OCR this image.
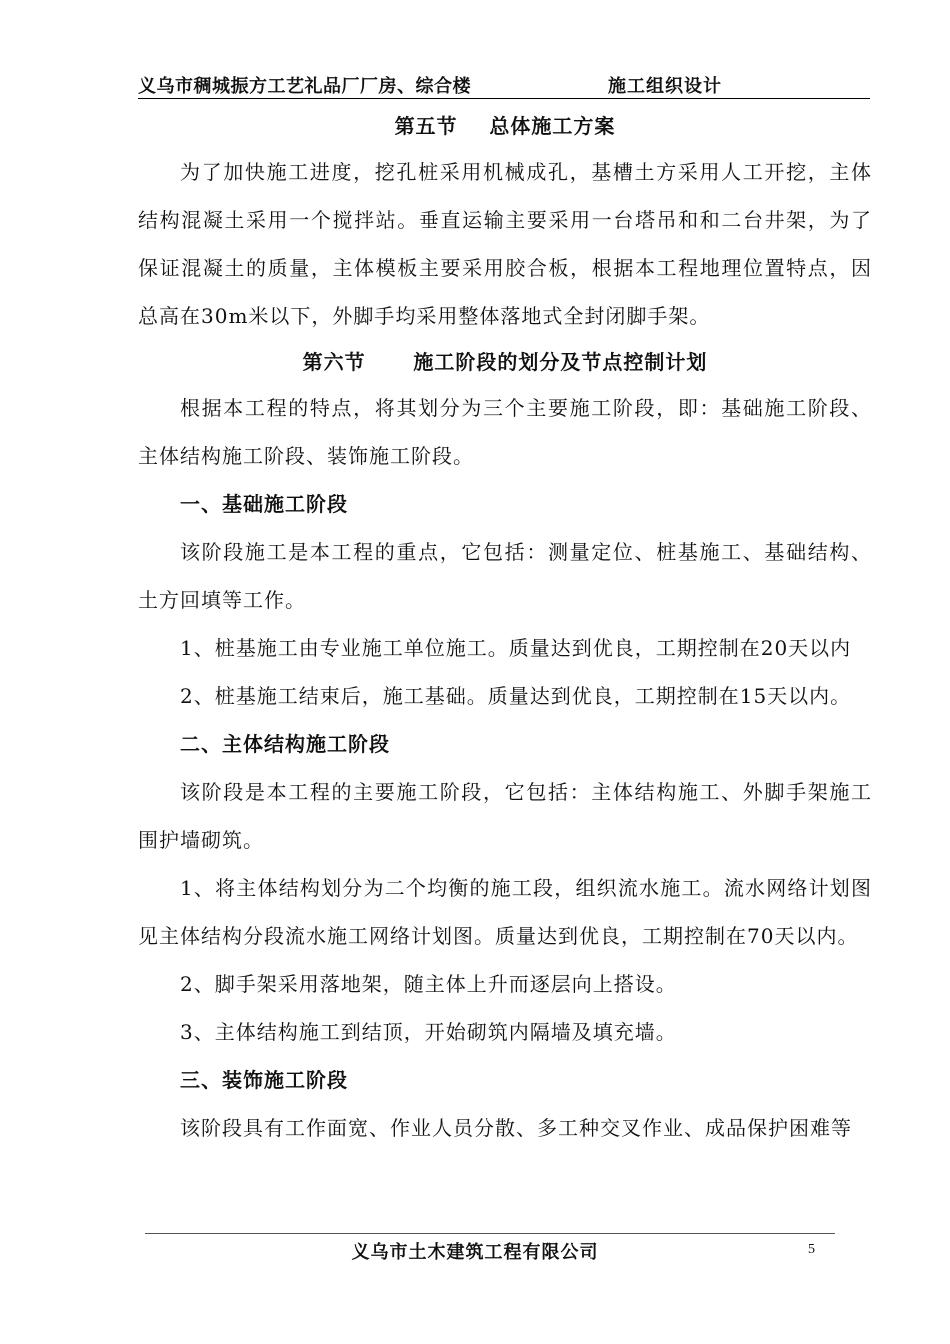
义乌市稠城振方工艺礼品厂厂房、综合楼	施工组织设计

第五节    总体施工方案

为了加快施工进度，挖孔桩采用机械成孔，基槽土方采用人工开挖，主体结构混凝土采用一个搅拌站。垂直运输主要采用一台塔吊和和二台井架，为了保证混凝土的质量，主体模板主要采用胶合板，根据本工程地理位置特点，因总高在30m米以下，外脚手均采用整体落地式全封闭脚手架。

第六节      施工阶段的划分及节点控制计划

根据本工程的特点，将其划分为三个主要施工阶段，即：基础施工阶段、主体结构施工阶段、装饰施工阶段。

一、基础施工阶段

该阶段施工是本工程的重点，它包括：测量定位、桩基施工、基础结构、土方回填等工作。

1、桩基施工由专业施工单位施工。质量达到优良，工期控制在20天以内

2、桩基施工结束后，施工基础。质量达到优良，工期控制在15天以内。

二、主体结构施工阶段

该阶段是本工程的主要施工阶段，它包括：主体结构施工、外脚手架施工围护墙砌筑。

1、将主体结构划分为二个均衡的施工段，组织流水施工。流水网络计划图见主体结构分段流水施工网络计划图。质量达到优良，工期控制在70天以内。

2、脚手架采用落地架，随主体上升而逐层向上搭设。

3、主体结构施工到结顶，开始砌筑内隔墙及填充墙。

三、装饰施工阶段

该阶段具有工作面宽、作业人员分散、多工种交叉作业、成品保护困难等

义乌市土木建筑工程有限公司	5
